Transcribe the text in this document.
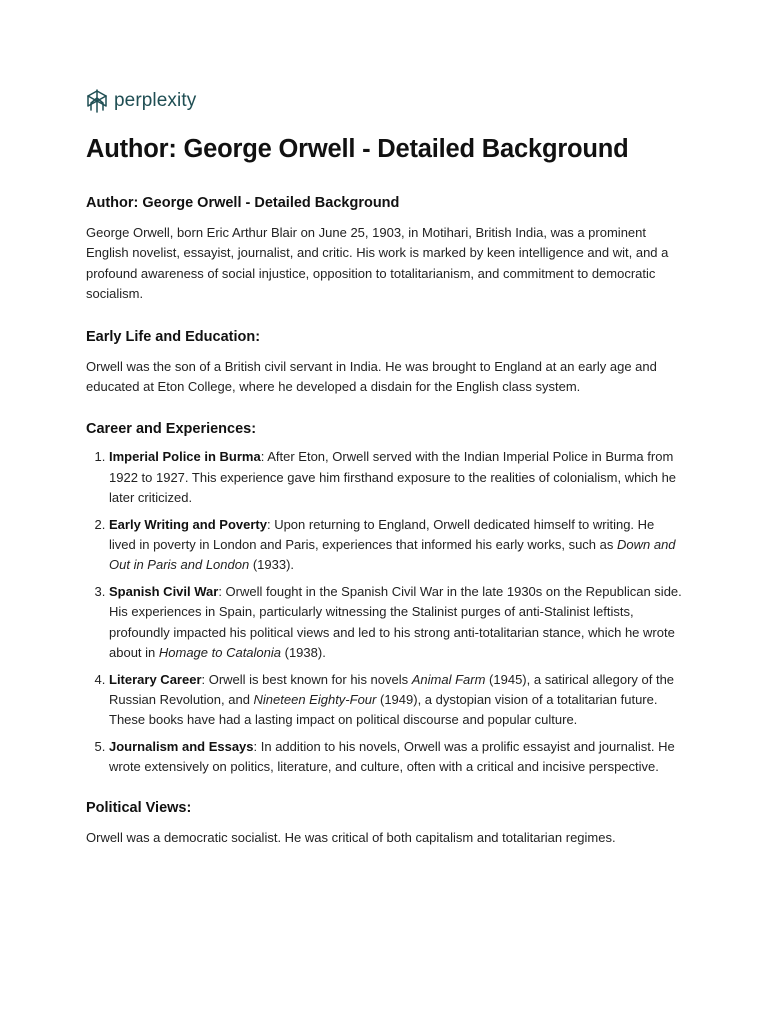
perplexity
Author: George Orwell - Detailed Background
Author: George Orwell - Detailed Background

George Orwell, born Eric Arthur Blair on June 25, 1903, in Motihari, British India, was a prominent English novelist, essayist, journalist, and critic. His work is marked by keen intelligence and wit, and a profound awareness of social injustice, opposition to totalitarianism, and commitment to democratic socialism.

Early Life and Education:

Orwell was the son of a British civil servant in India. He was brought to England at an early age and educated at Eton College, where he developed a disdain for the English class system.

Career and Experiences:
1. Imperial Police in Burma: After Eton, Orwell served with the Indian Imperial Police in Burma from 1922 to 1927. This experience gave him firsthand exposure to the realities of colonialism, which he later criticized.
2. Early Writing and Poverty: Upon returning to England, Orwell dedicated himself to writing. He lived in poverty in London and Paris, experiences that informed his early works, such as Down and Out in Paris and London (1933).
3. Spanish Civil War: Orwell fought in the Spanish Civil War in the late 1930s on the Republican side. His experiences in Spain, particularly witnessing the Stalinist purges of anti-Stalinist leftists, profoundly impacted his political views and led to his strong anti-totalitarian stance, which he wrote about in Homage to Catalonia (1938).
4. Literary Career: Orwell is best known for his novels Animal Farm (1945), a satirical allegory of the Russian Revolution, and Nineteen Eighty-Four (1949), a dystopian vision of a totalitarian future. These books have had a lasting impact on political discourse and popular culture.
5. Journalism and Essays: In addition to his novels, Orwell was a prolific essayist and journalist. He wrote extensively on politics, literature, and culture, often with a critical and incisive perspective.
Political Views:

Orwell was a democratic socialist. He was critical of both capitalism and totalitarian regimes.
